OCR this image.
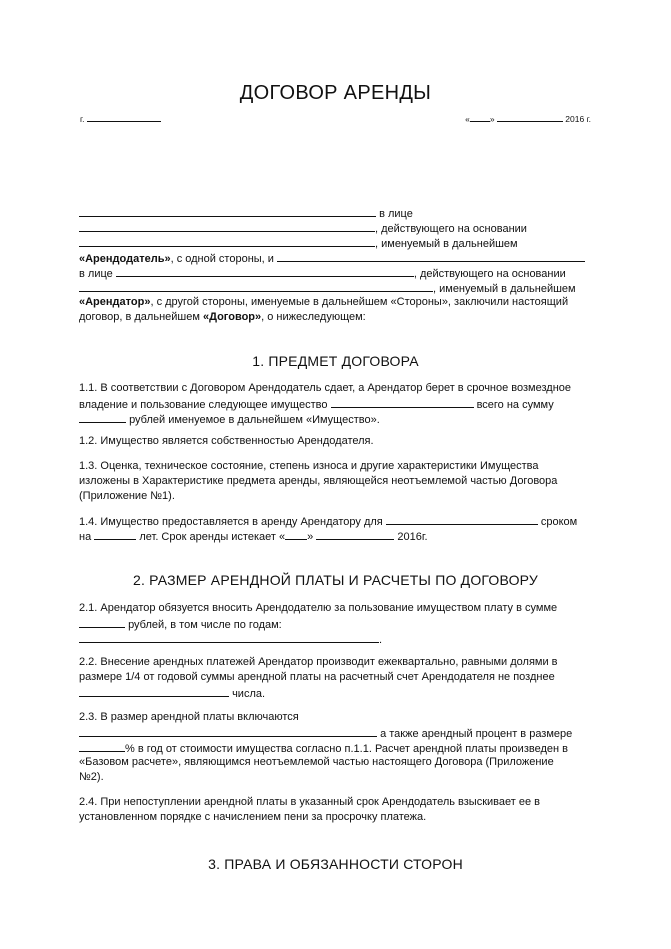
ДОГОВОР АРЕНДЫ
г.	« »	2016 г.
в лице
, действующего на основании
, именуемый в дальнейшем
«Арендодатель», с одной стороны, и
в лице	, действующего на основании
, именуемый в дальнейшем
«Арендатор», с другой стороны, именуемые в дальнейшем «Стороны», заключили настоящий
договор, в дальнейшем «Договор», о нижеследующем:
1. ПРЕДМЕТ ДОГОВОРА
1.1. В соответствии с Договором Арендодатель сдает, а Арендатор берет в срочное возмездное
владение и пользование следующее имущество	всего на сумму
рублей именуемое в дальнейшем «Имущество».
1.2. Имущество является собственностью Арендодателя.
1.3. Оценка, техническое состояние, степень износа и другие характеристики Имущества
изложены в Характеристике предмета аренды, являющейся неотъемлемой частью Договора
(Приложение №1).
1.4. Имущество предоставляется в аренду Арендатору для	сроком
на	лет. Срок аренды истекает « »	2016г.
2. РАЗМЕР АРЕНДНОЙ ПЛАТЫ И РАСЧЕТЫ ПО ДОГОВОРУ
2.1. Арендатор обязуется вносить Арендодателю за пользование имуществом плату в сумме
рублей, в том числе по годам:
.
2.2. Внесение арендных платежей Арендатор производит ежеквартально, равными долями в
размере 1/4 от годовой суммы арендной платы на расчетный счет Арендодателя не позднее
числа.
2.3. В размер арендной платы включаются
а также арендный процент в размере
% в год от стоимости имущества согласно п.1.1. Расчет арендной платы произведен в
«Базовом расчете», являющимся неотъемлемой частью настоящего Договора (Приложение
№2).
2.4. При непоступлении арендной платы в указанный срок Арендодатель взыскивает ее в
установленном порядке с начислением пени за просрочку платежа.
3. ПРАВА И ОБЯЗАННОСТИ СТОРОН
